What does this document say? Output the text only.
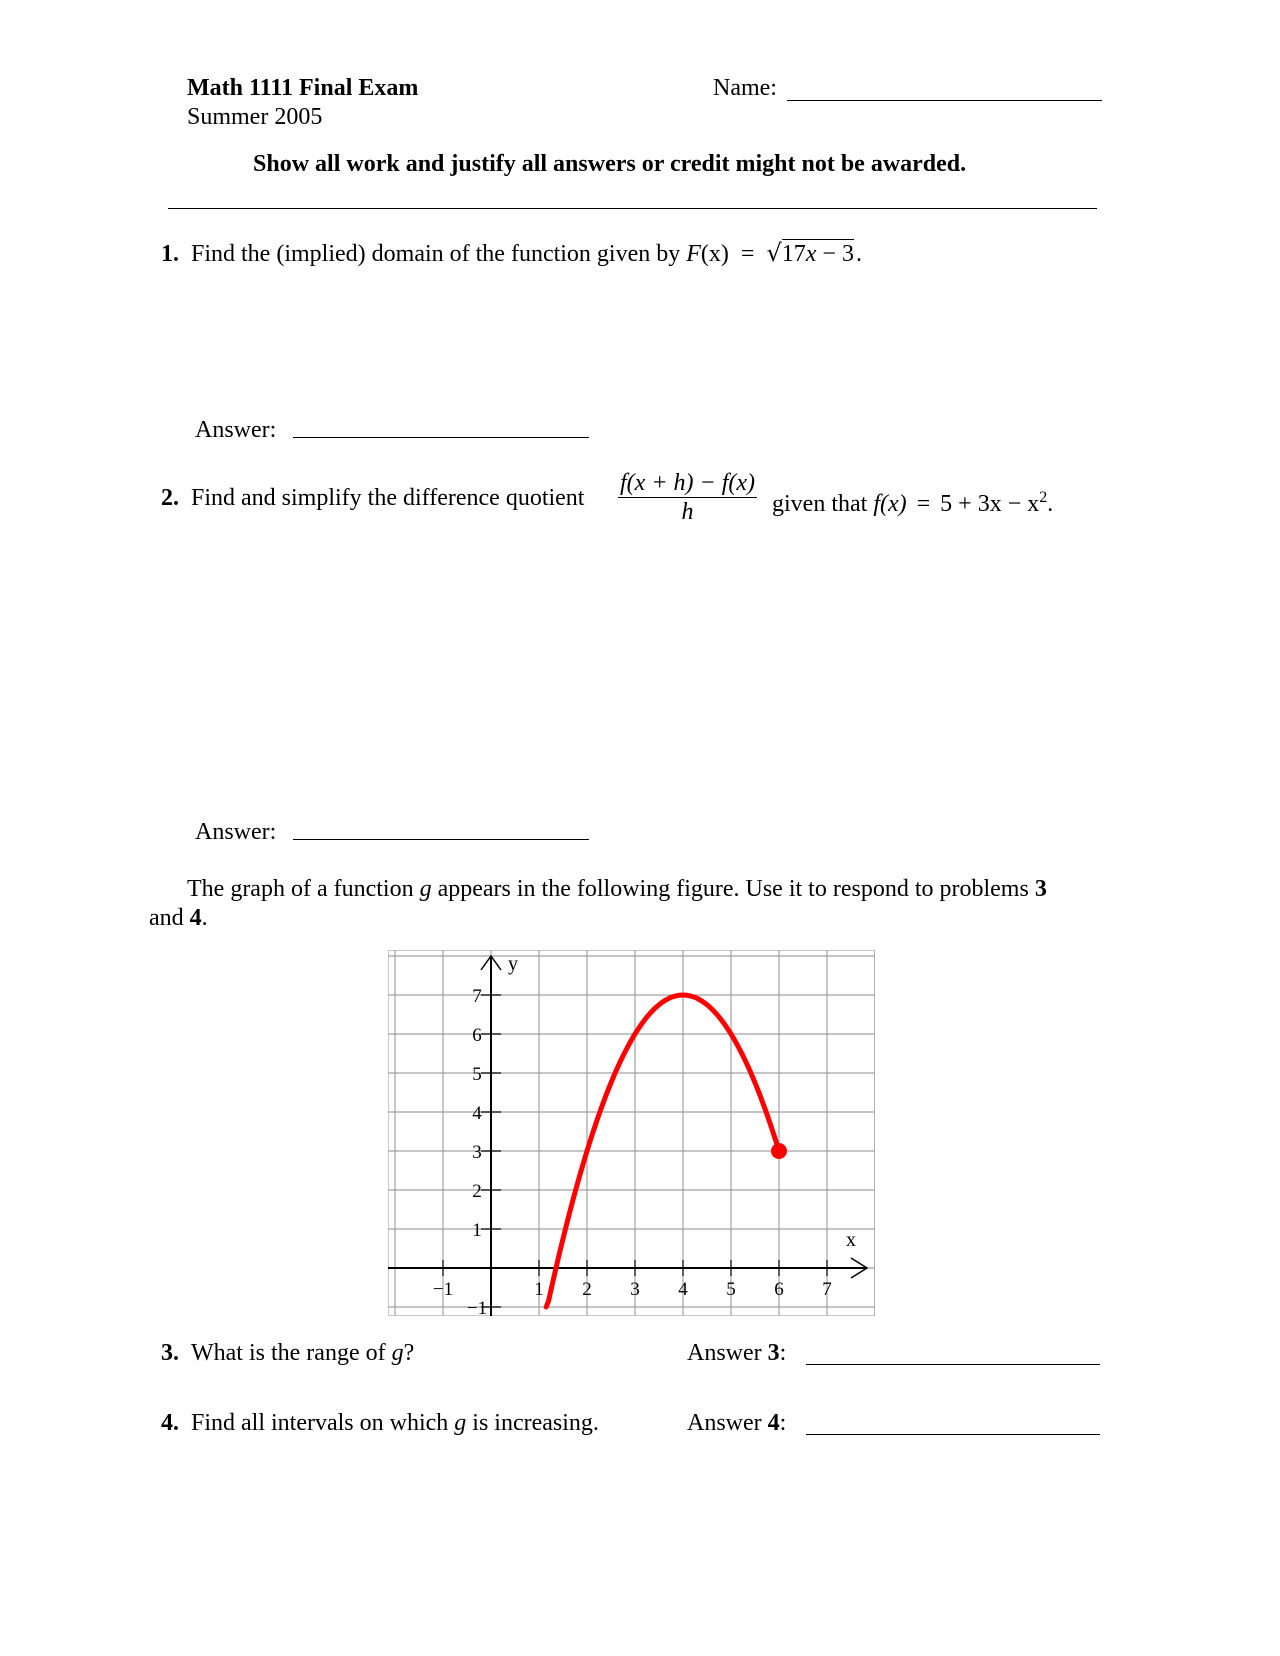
Math 1111 Final Exam
Summer 2005
Name:
Show all work and justify all answers or credit might not be awarded.
1. Find the (implied) domain of the function given by F(x) = √17x − 3.
Answer:
2. Find and simplify the difference quotient $\frac{f(x + h) - f(x)}{h}$ given that $f(x) = 5 + 3x - x^2$.
Answer:
The graph of a function g appears in the following figure. Use it to respond to problems 3
and 4.
x
y
−1	1 2 3 4 5 6 7
−1
1
2
3
4
5
6
7
3. What is the range of g?	Answer 3:
4. Find all intervals on which g is increasing.	Answer 4:
